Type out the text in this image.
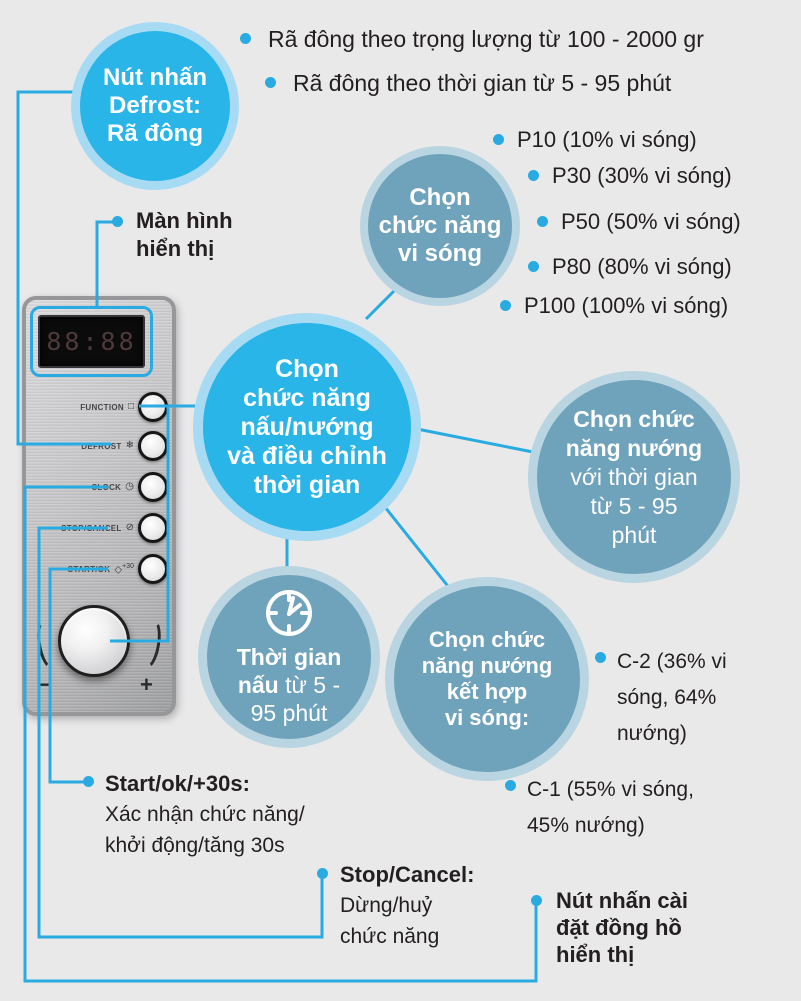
88:88
FUNCTION □
DEFROST ❄
CLOCK ◷
STOP/CANCEL ⊘
START/OK ◇$^{+30}$
−	+
Nút nhấn
Defrost:
Rã đông
Chọn
chức năng
vi sóng
Chọn
chức năng
nấu/nướng
và điều chỉnh
thời gian
Chọn chức
năng nướng
với thời gian
từ 5 - 95
phút
Thời gian
nấu từ 5 -
95 phút
Chọn chức
năng nướng
kết hợp
vi sóng:
Rã đông theo trọng lượng từ 100 - 2000 gr
Rã đông theo thời gian từ 5 - 95 phút
P10 (10% vi sóng)
P30 (30% vi sóng)
P50 (50% vi sóng)
P80 (80% vi sóng)
P100 (100% vi sóng)
Màn hình
hiển thị
C-2 (36% vi
sóng, 64%
nướng)
C-1 (55% vi sóng,
45% nướng)
Start/ok/+30s:
Xác nhận chức năng/
khởi động/tăng 30s
Stop/Cancel:
Dừng/huỷ
chức năng
Nút nhấn cài
đặt đồng hồ
hiển thị
